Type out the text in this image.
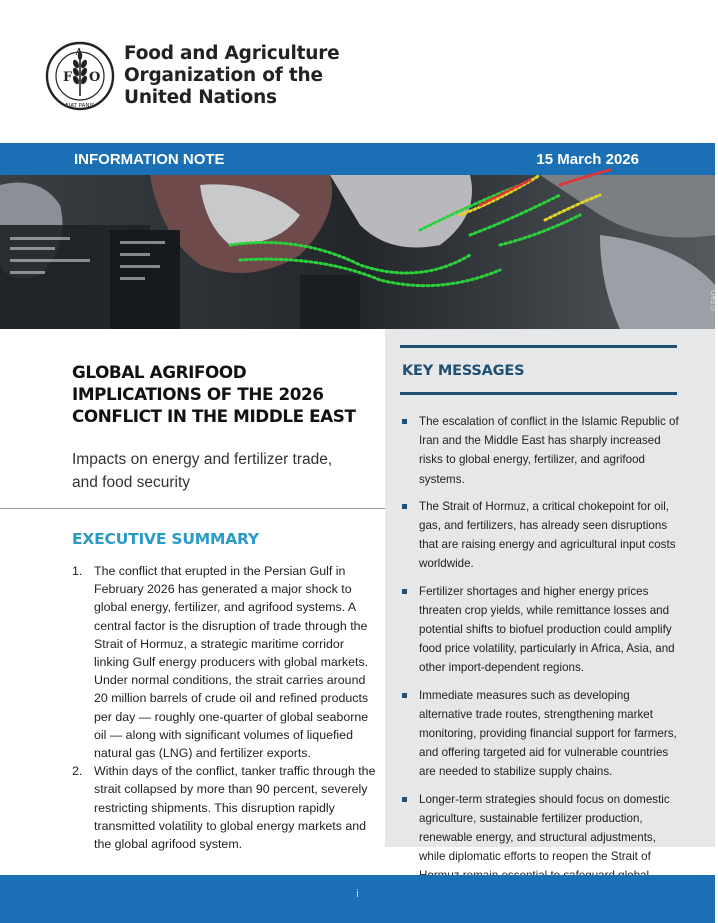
F O
A
FIAT PANIS
Food and Agriculture
Organization of the
United Nations
INFORMATION NOTE	15 March 2026
© FAO
GLOBAL AGRIFOOD
IMPLICATIONS OF THE 2026
CONFLICT IN THE MIDDLE EAST
Impacts on energy and fertilizer trade, and food security
EXECUTIVE SUMMARY
1. The conflict that erupted in the Persian Gulf in February 2026 has generated a major shock to global energy, fertilizer, and agrifood systems. A central factor is the disruption of trade through the Strait of Hormuz, a strategic maritime corridor linking Gulf energy producers with global markets. Under normal conditions, the strait carries around 20 million barrels of crude oil and refined products per day — roughly one-quarter of global seaborne oil — along with significant volumes of liquefied natural gas (LNG) and fertilizer exports.
2. Within days of the conflict, tanker traffic through the strait collapsed by more than 90 percent, severely restricting shipments. This disruption rapidly transmitted volatility to global energy markets and the global agrifood system.
KEY MESSAGES
The escalation of conflict in the Islamic Republic of Iran and the Middle East has sharply increased risks to global energy, fertilizer, and agrifood systems.
The Strait of Hormuz, a critical chokepoint for oil, gas, and fertilizers, has already seen disruptions that are raising energy and agricultural input costs worldwide.
Fertilizer shortages and higher energy prices threaten crop yields, while remittance losses and potential shifts to biofuel production could amplify food price volatility, particularly in Africa, Asia, and other import-dependent regions.
Immediate measures such as developing alternative trade routes, strengthening market monitoring, providing financial support for farmers, and offering targeted aid for vulnerable countries are needed to stabilize supply chains.
Longer-term strategies should focus on domestic agriculture, sustainable fertilizer production, renewable energy, and structural adjustments, while diplomatic efforts to reopen the Strait of
i
